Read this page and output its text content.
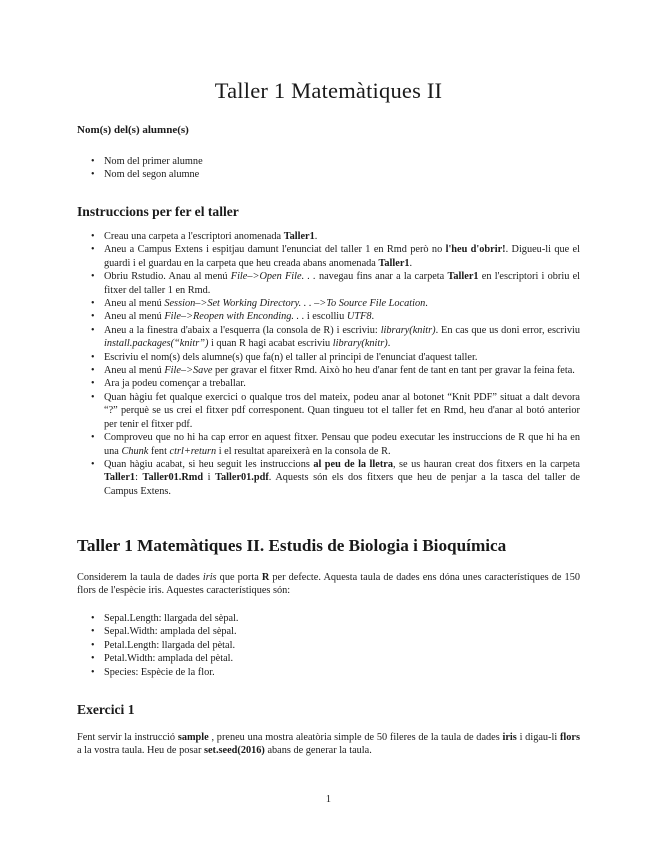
Taller 1 Matemàtiques II
Nom(s) del(s) alumne(s)
• Nom del primer alumne
• Nom del segon alumne
Instruccions per fer el taller
• Creau una carpeta a l'escriptori anomenada Taller1.
• Aneu a Campus Extens i espitjau damunt l'enunciat del taller 1 en Rmd però no l'heu d'obrir!. Digueu-li que el guardi i el guardau en la carpeta que heu creada abans anomenada Taller1.
• Obriu Rstudio. Anau al menú File–>Open File. . . navegau fins anar a la carpeta Taller1 en l'escriptori i obriu el fitxer del taller 1 en Rmd.
• Aneu al menú Session–>Set Working Directory. . . –>To Source File Location.
• Aneu al menú File–>Reopen with Enconding. . . i escolliu UTF8.
• Aneu a la finestra d'abaix a l'esquerra (la consola de R) i escriviu: library(knitr). En cas que us doni error, escriviu install.packages(“knitr”) i quan R hagi acabat escriviu library(knitr).
• Escriviu el nom(s) dels alumne(s) que fa(n) el taller al principi de l'enunciat d'aquest taller.
• Aneu al menú File–>Save per gravar el fitxer Rmd. Això ho heu d'anar fent de tant en tant per gravar la feina feta.
• Ara ja podeu començar a treballar.
• Quan hàgiu fet qualque exercici o qualque tros del mateix, podeu anar al botonet “Knit PDF” situat a dalt devora “?” perquè se us crei el fitxer pdf corresponent. Quan tingueu tot el taller fet en Rmd, heu d'anar al botó anterior per tenir el fitxer pdf.
• Comproveu que no hi ha cap error en aquest fitxer. Pensau que podeu executar les instruccions de R que hi ha en una Chunk fent ctrl+return i el resultat apareixerà en la consola de R.
• Quan hàgiu acabat, si heu seguit les instruccions al peu de la lletra, se us hauran creat dos fitxers en la carpeta Taller1: Taller01.Rmd i Taller01.pdf. Aquests són els dos fitxers que heu de penjar a la tasca del taller de Campus Extens.
Taller 1 Matemàtiques II. Estudis de Biologia i Bioquímica

Considerem la taula de dades iris que porta R per defecte. Aquesta taula de dades ens dóna unes característiques de 150 flors de l'espècie iris. Aquestes característiques són:

• Sepal.Length: llargada del sèpal.
• Sepal.Width: amplada del sèpal.
• Petal.Length: llargada del pètal.
• Petal.Width: amplada del pètal.
• Species: Espècie de la flor.
Exercici 1

Fent servir la instrucció sample , preneu una mostra aleatòria simple de 50 fileres de la taula de dades iris i digau-li flors a la vostra taula. Heu de posar set.seed(2016) abans de generar la taula.

1
